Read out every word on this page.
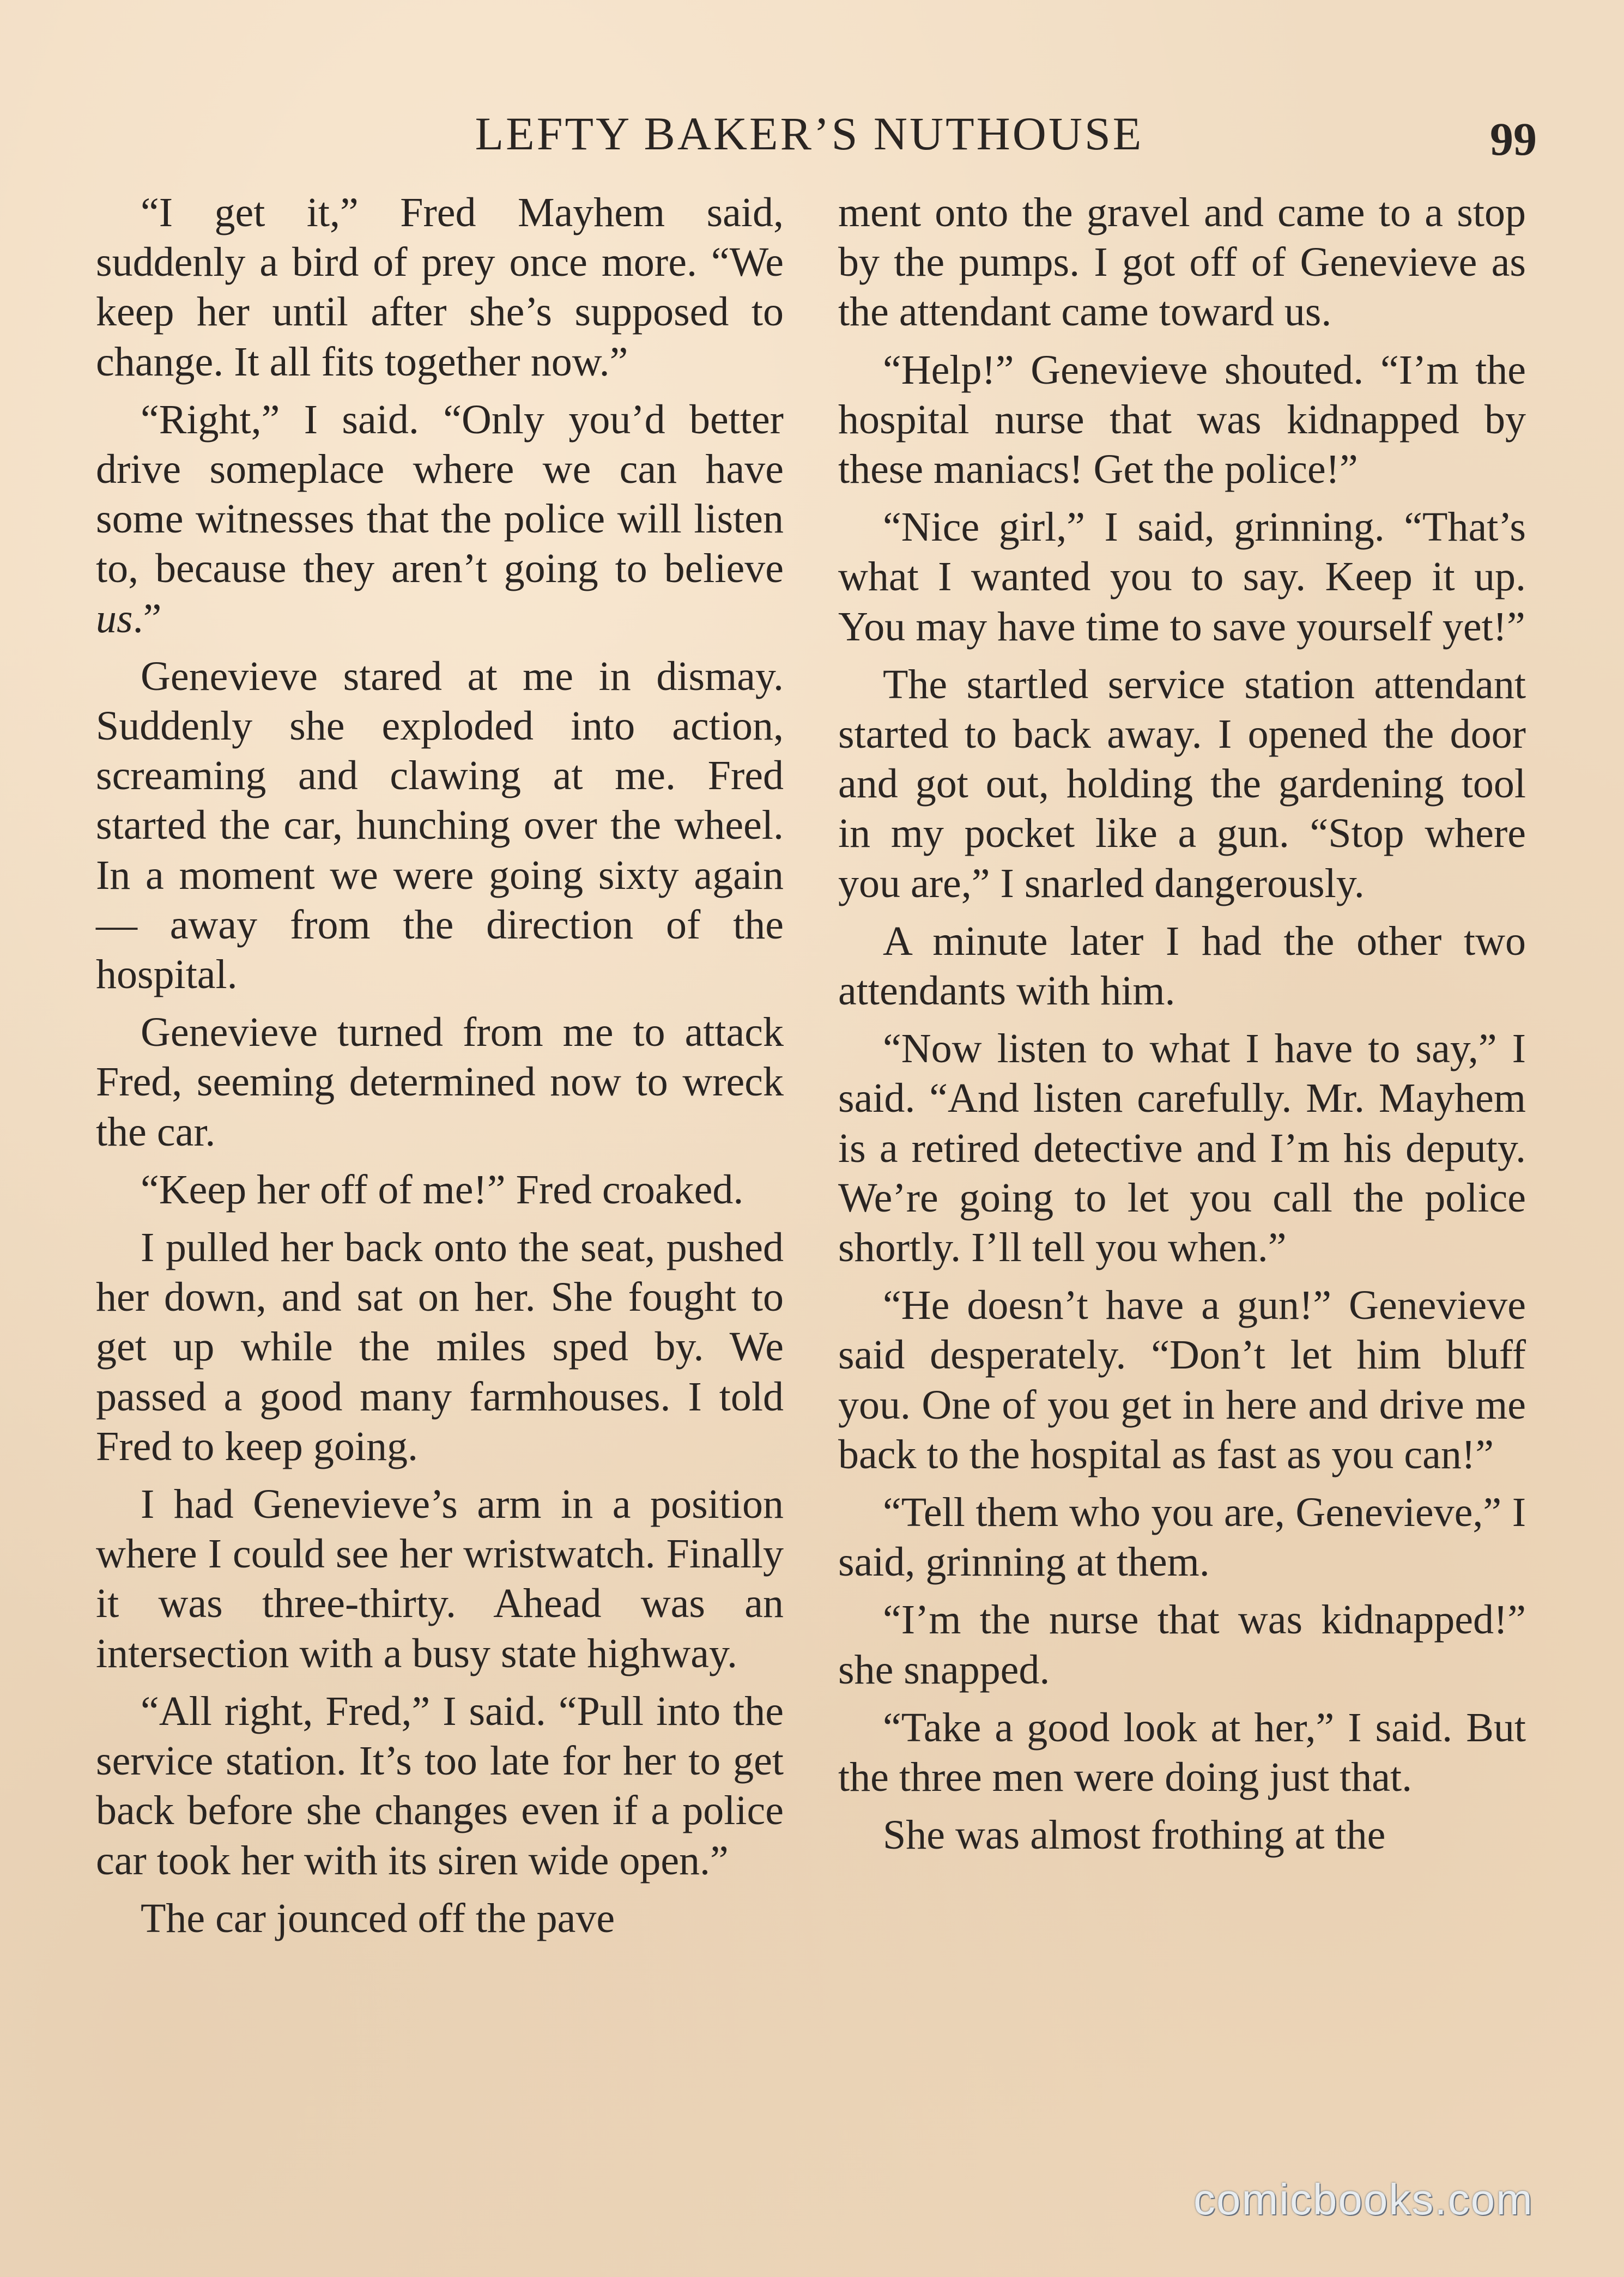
LEFTY BAKER’S NUTHOUSE	99

“I get it,” Fred Mayhem said, suddenly a bird of prey once more. “We keep her until after she’s supposed to change. It all fits together now.”

“Right,” I said. “Only you’d better drive someplace where we can have some witnesses that the police will listen to, because they aren’t going to believe us.”

Genevieve stared at me in dismay. Suddenly she exploded into action, screaming and clawing at me. Fred started the car, hunching over the wheel. In a moment we were going sixty again — away from the direction of the hospital.

Genevieve turned from me to attack Fred, seeming determined now to wreck the car.

“Keep her off of me!” Fred croaked.

I pulled her back onto the seat, pushed her down, and sat on her. She fought to get up while the miles sped by. We passed a good many farmhouses. I told Fred to keep going.

I had Genevieve’s arm in a position where I could see her wristwatch. Finally it was three-thirty. Ahead was an intersection with a busy state highway.

“All right, Fred,” I said. “Pull into the service station. It’s too late for her to get back before she changes even if a police car took her with its siren wide open.”

The car jounced off the pave

ment onto the gravel and came to a stop by the pumps. I got off of Genevieve as the attendant came toward us.

“Help!” Genevieve shouted. “I’m the hospital nurse that was kidnapped by these maniacs! Get the police!”

“Nice girl,” I said, grinning. “That’s what I wanted you to say. Keep it up. You may have time to save yourself yet!”

The startled service station attendant started to back away. I opened the door and got out, holding the gardening tool in my pocket like a gun. “Stop where you are,” I snarled dangerously.

A minute later I had the other two attendants with him.

“Now listen to what I have to say,” I said. “And listen carefully. Mr. Mayhem is a retired detective and I’m his deputy. We’re going to let you call the police shortly. I’ll tell you when.”

“He doesn’t have a gun!” Genevieve said desperately. “Don’t let him bluff you. One of you get in here and drive me back to the hospital as fast as you can!”

“Tell them who you are, Genevieve,” I said, grinning at them.

“I’m the nurse that was kidnapped!” she snapped.

“Take a good look at her,” I said. But the three men were doing just that.

She was almost frothing at the

comicbooks.com
